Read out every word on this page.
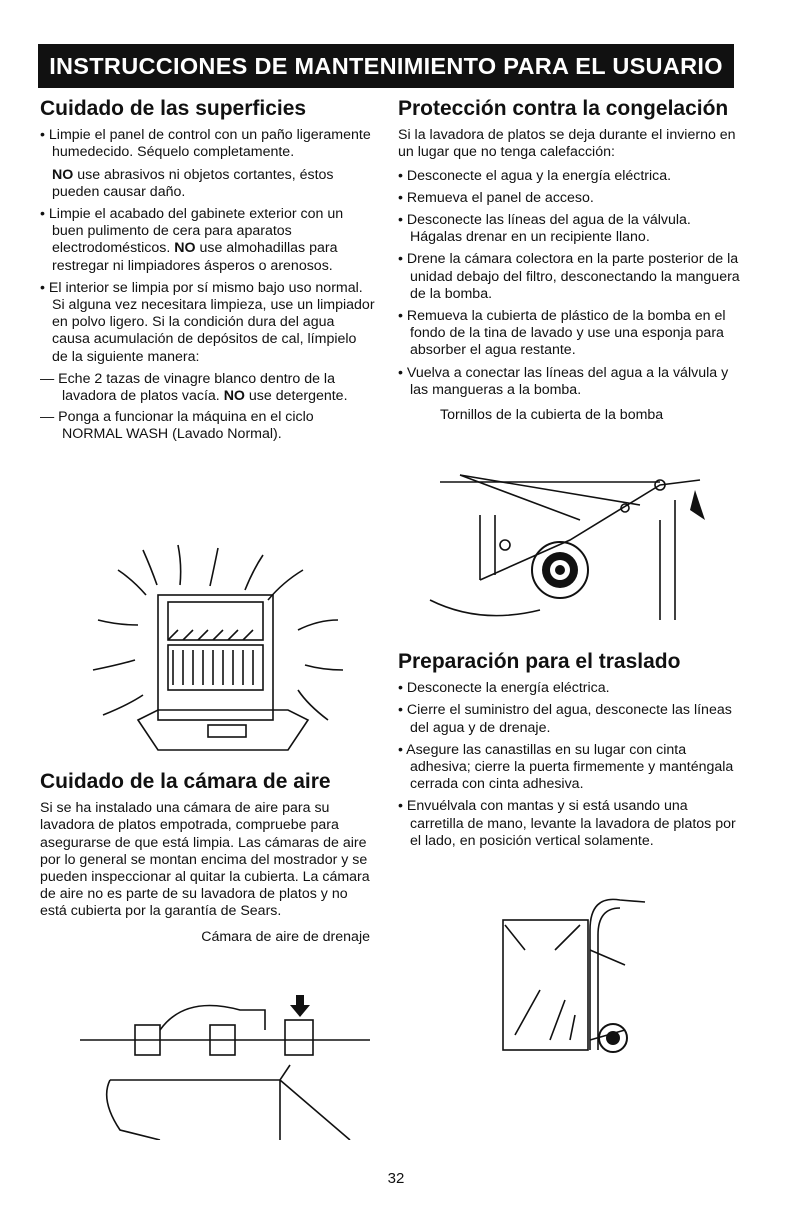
INSTRUCCIONES DE MANTENIMIENTO PARA EL USUARIO
Cuidado de las superficies

• Limpie el panel de control con un paño ligeramente humedecido. Séquelo completamente.

NO use abrasivos ni objetos cortantes, éstos pueden causar daño.

• Limpie el acabado del gabinete exterior con un buen pulimento de cera para aparatos electrodomésticos. NO use almohadillas para restregar ni limpiadores ásperos o arenosos.

• El interior se limpia por sí mismo bajo uso normal. Si alguna vez necesitara limpieza, use un limpiador en polvo ligero. Si la condición dura del agua causa acumulación de depósitos de cal, límpielo de la siguiente manera:

— Eche 2 tazas de vinagre blanco dentro de la lavadora de platos vacía. NO use detergente.

— Ponga a funcionar la máquina en el ciclo NORMAL WASH (Lavado Normal).

Cuidado de la cámara de aire

Si se ha instalado una cámara de aire para su lavadora de platos empotrada, compruebe para asegurarse de que está limpia. Las cámaras de aire por lo general se montan encima del mostrador y se pueden inspeccionar al quitar la cubierta. La cámara de aire no es parte de su lavadora de platos y no está cubierta por la garantía de Sears.

Cámara de aire de drenaje

Protección contra la congelación

Si la lavadora de platos se deja durante el invierno en un lugar que no tenga calefacción:

• Desconecte el agua y la energía eléctrica.

• Remueva el panel de acceso.

• Desconecte las líneas del agua de la válvula. Hágalas drenar en un recipiente llano.

• Drene la cámara colectora en la parte posterior de la unidad debajo del filtro, desconectando la manguera de la bomba.

• Remueva la cubierta de plástico de la bomba en el fondo de la tina de lavado y use una esponja para absorber el agua restante.

• Vuelva a conectar las líneas del agua a la válvula y las mangueras a la bomba.

Tornillos de la cubierta de la bomba

Preparación para el traslado

• Desconecte la energía eléctrica.

• Cierre el suministro del agua, desconecte las líneas del agua y de drenaje.

• Asegure las canastillas en su lugar con cinta adhesiva; cierre la puerta firmemente y manténgala cerrada con cinta adhesiva.

• Envuélvala con mantas y si está usando una carretilla de mano, levante la lavadora de platos por el lado, en posición vertical solamente.

32
